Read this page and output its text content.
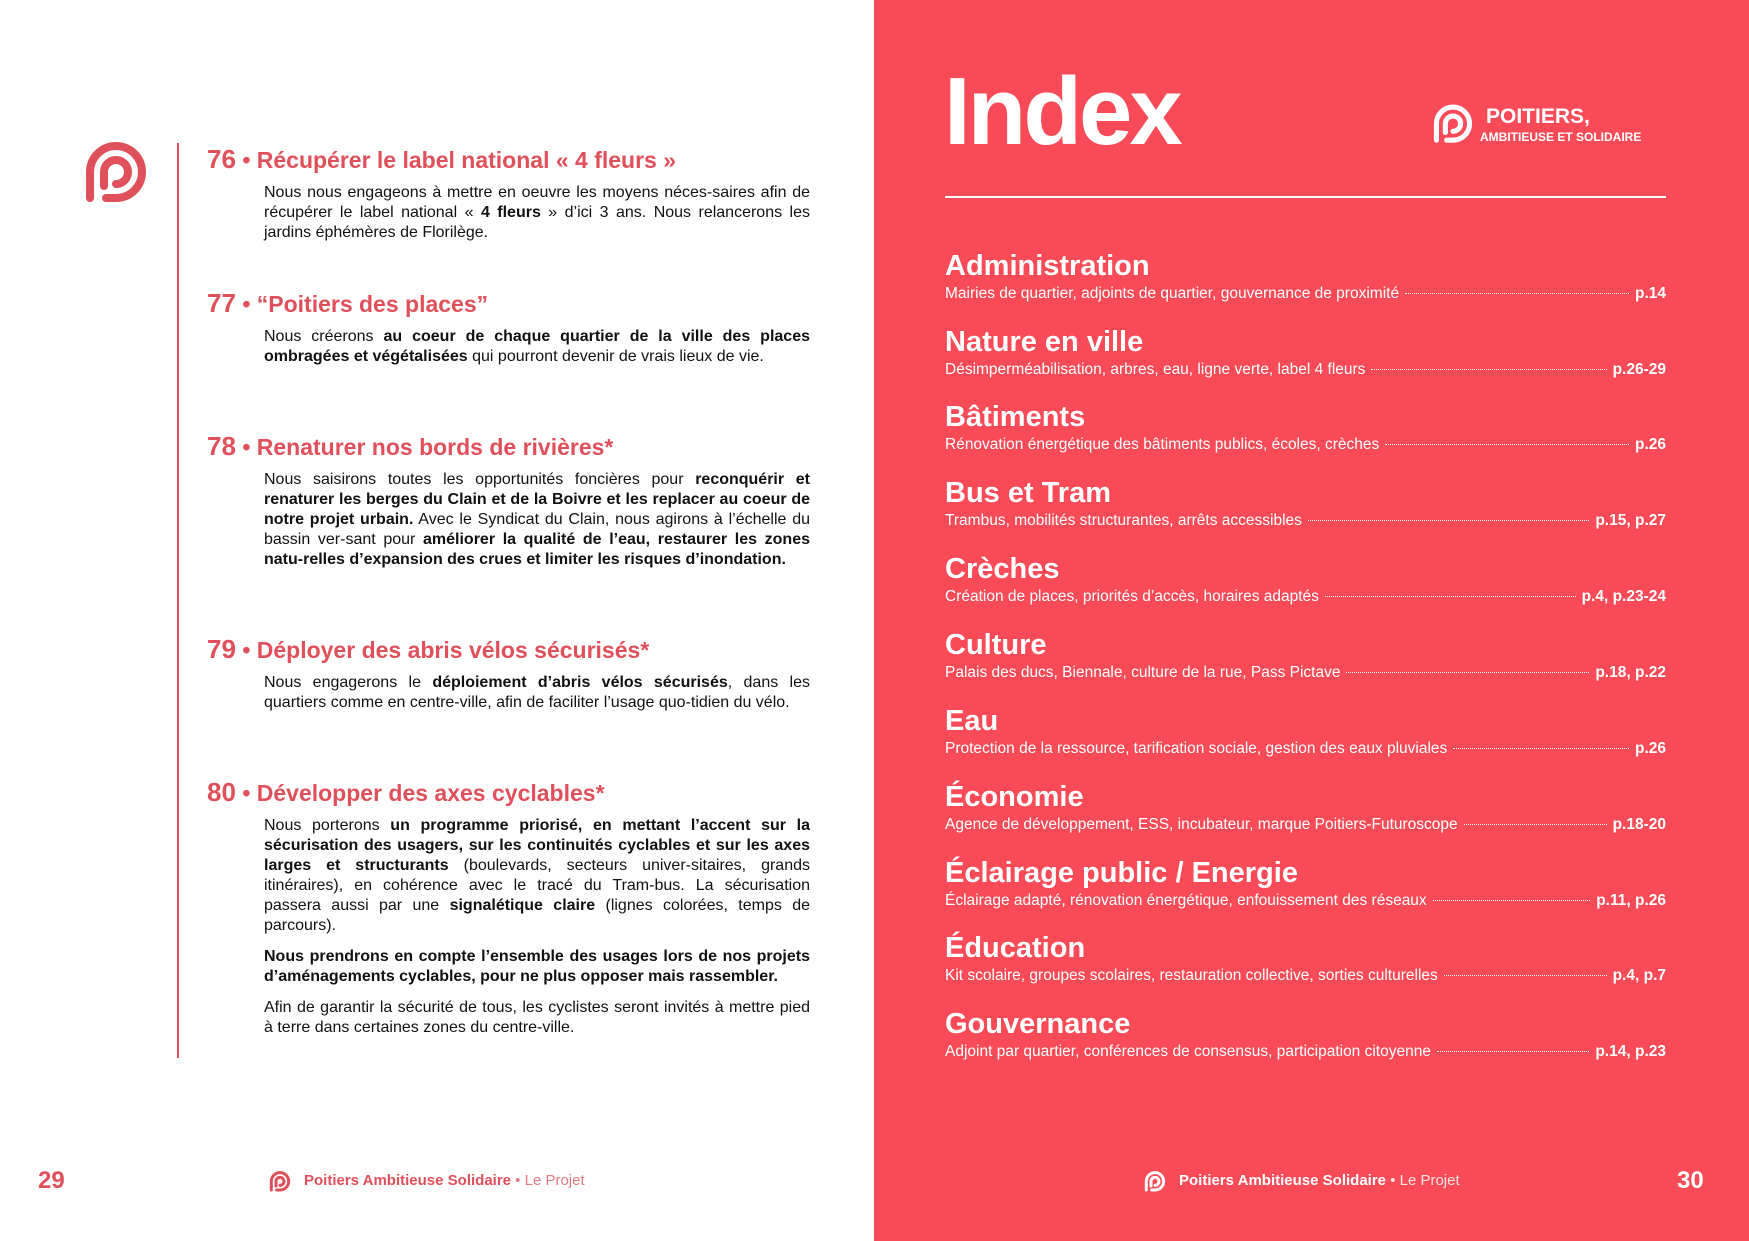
76 • Récupérer le label national « 4 fleurs »
Nous nous engageons à mettre en oeuvre les moyens néces-saires afin de récupérer le label national « 4 fleurs » d’ici 3 ans. Nous relancerons les jardins éphémères de Florilège.
77 • “Poitiers des places”
Nous créerons au coeur de chaque quartier de la ville des places ombragées et végétalisées qui pourront devenir de vrais lieux de vie.
78 • Renaturer nos bords de rivières*
Nous saisirons toutes les opportunités foncières pour reconquérir et renaturer les berges du Clain et de la Boivre et les replacer au coeur de notre projet urbain. Avec le Syndicat du Clain, nous agirons à l’échelle du bassin ver-sant pour améliorer la qualité de l’eau, restaurer les zones natu-relles d’expansion des crues et limiter les risques d’inondation.
79 • Déployer des abris vélos sécurisés*
Nous engagerons le déploiement d’abris vélos sécurisés, dans les quartiers comme en centre-ville, afin de faciliter l’usage quo-tidien du vélo.
80 • Développer des axes cyclables*
Nous porterons un programme priorisé, en mettant l’accent sur la sécurisation des usagers, sur les continuités cyclables et sur les axes larges et structurants (boulevards, secteurs univer-sitaires, grands itinéraires), en cohérence avec le tracé du Tram-bus. La sécurisation passera aussi par une signalétique claire (lignes colorées, temps de parcours).
Nous prendrons en compte l’ensemble des usages lors de nos projets d’aménagements cyclables, pour ne plus opposer mais rassembler.
Afin de garantir la sécurité de tous, les cyclistes seront invités à mettre pied à terre dans certaines zones du centre-ville.
29	Poitiers Ambitieuse Solidaire • Le Projet
Index	POITIERS,
AMBITIEUSE ET SOLIDAIRE
Administration
Mairies de quartier, adjoints de quartier, gouvernance de proximité	p.14
Nature en ville
Désimperméabilisation, arbres, eau, ligne verte, label 4 fleurs	p.26-29
Bâtiments
Rénovation énergétique des bâtiments publics, écoles, crèches	p.26
Bus et Tram
Trambus, mobilités structurantes, arrêts accessibles	p.15, p.27
Crèches
Création de places, priorités d’accès, horaires adaptés	p.4, p.23-24
Culture
Palais des ducs, Biennale, culture de la rue, Pass Pictave	p.18, p.22
Eau
Protection de la ressource, tarification sociale, gestion des eaux pluviales	p.26
Économie
Agence de développement, ESS, incubateur, marque Poitiers-Futuroscope	p.18-20
Éclairage public / Energie
Éclairage adapté, rénovation énergétique, enfouissement des réseaux	p.11, p.26
Éducation
Kit scolaire, groupes scolaires, restauration collective, sorties culturelles	p.4, p.7
Gouvernance
Adjoint par quartier, conférences de consensus, participation citoyenne	p.14, p.23
Poitiers Ambitieuse Solidaire • Le Projet	30
